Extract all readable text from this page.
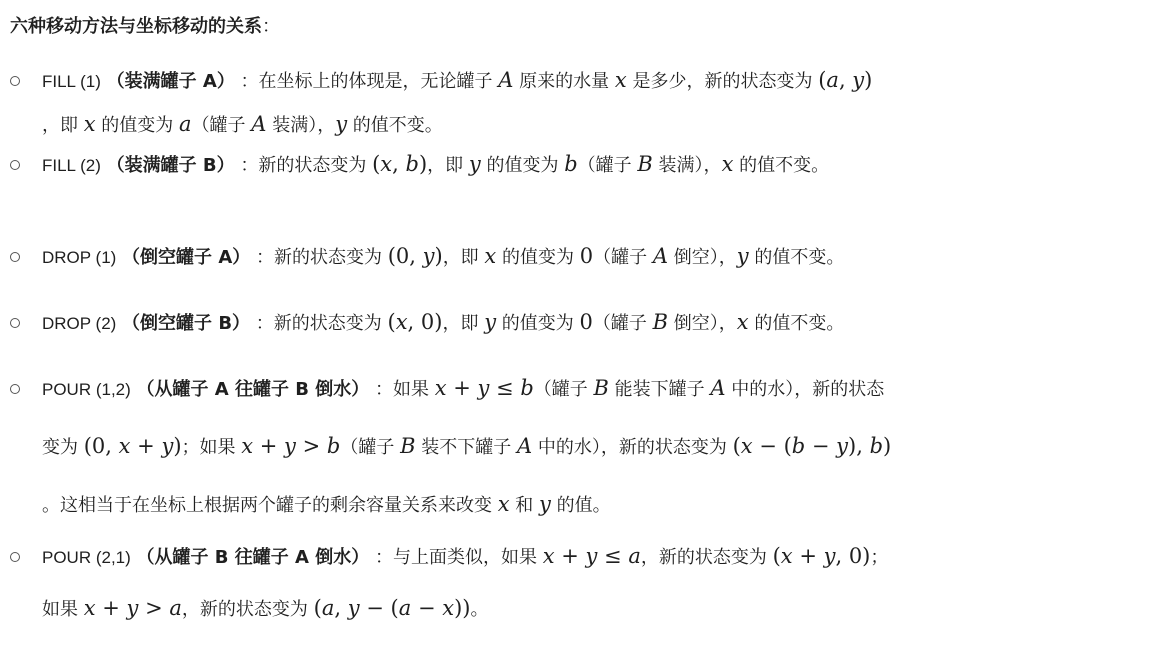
六种移动方法与坐标移动的关系：
FILL (1) （装满罐子 A） ：在坐标上的体现是，无论罐子 A 原来的水量 x 是多少，新的状态变为 (a, y)
，即 x 的值变为 a（罐子 A 装满），y 的值不变。
FILL (2) （装满罐子 B） ：新的状态变为 (x, b)，即 y 的值变为 b（罐子 B 装满），x 的值不变。
DROP (1) （倒空罐子 A） ：新的状态变为 (0, y)，即 x 的值变为 0（罐子 A 倒空），y 的值不变。
DROP (2) （倒空罐子 B） ：新的状态变为 (x, 0)，即 y 的值变为 0（罐子 B 倒空），x 的值不变。
POUR (1,2) （从罐子 A 往罐子 B 倒水） ：如果 x + y ≤ b（罐子 B 能装下罐子 A 中的水），新的状态
变为 (0, x + y)；如果 x + y > b（罐子 B 装不下罐子 A 中的水），新的状态变为 (x − (b − y), b)
。这相当于在坐标上根据两个罐子的剩余容量关系来改变 x 和 y 的值。
POUR (2,1) （从罐子 B 往罐子 A 倒水） ：与上面类似，如果 x + y ≤ a，新的状态变为 (x + y, 0)；
如果 x + y > a，新的状态变为 (a, y − (a − x))。
